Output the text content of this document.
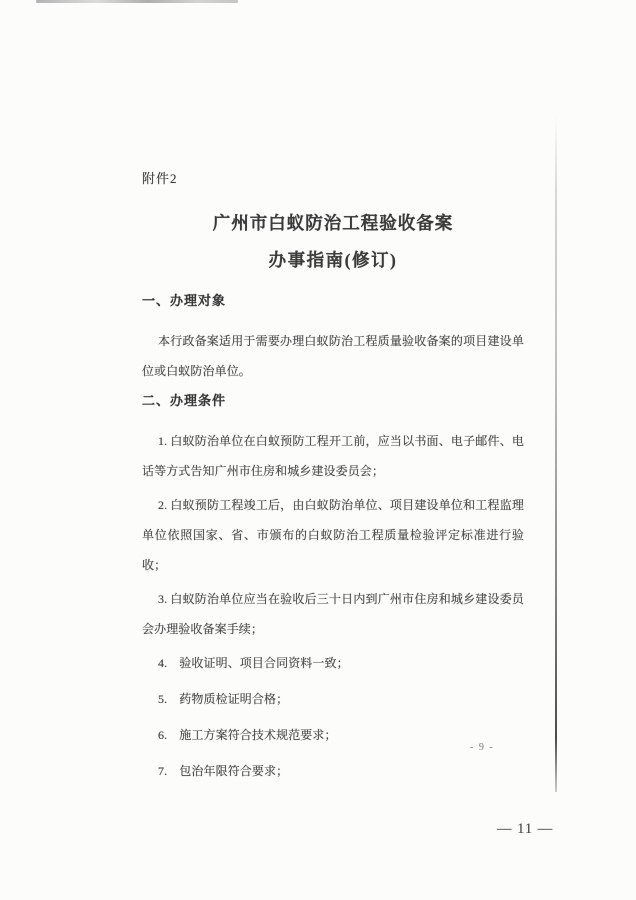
附件2
广州市白蚁防治工程验收备案
办事指南(修订)
一、办理对象

本行政备案适用于需要办理白蚁防治工程质量验收备案的项目建设单位或白蚁防治单位。

二、办理条件

1. 白蚁防治单位在白蚁预防工程开工前，应当以书面、电子邮件、电话等方式告知广州市住房和城乡建设委员会；

2. 白蚁预防工程竣工后，由白蚁防治单位、项目建设单位和工程监理单位依照国家、省、市颁布的白蚁防治工程质量检验评定标准进行验收；

3. 白蚁防治单位应当在验收后三十日内到广州市住房和城乡建设委员会办理验收备案手续；

4.　验收证明、项目合同资料一致；

5.　药物质检证明合格；

6.　施工方案符合技术规范要求；

7.　包治年限符合要求；

- 9 -
— 11 —
